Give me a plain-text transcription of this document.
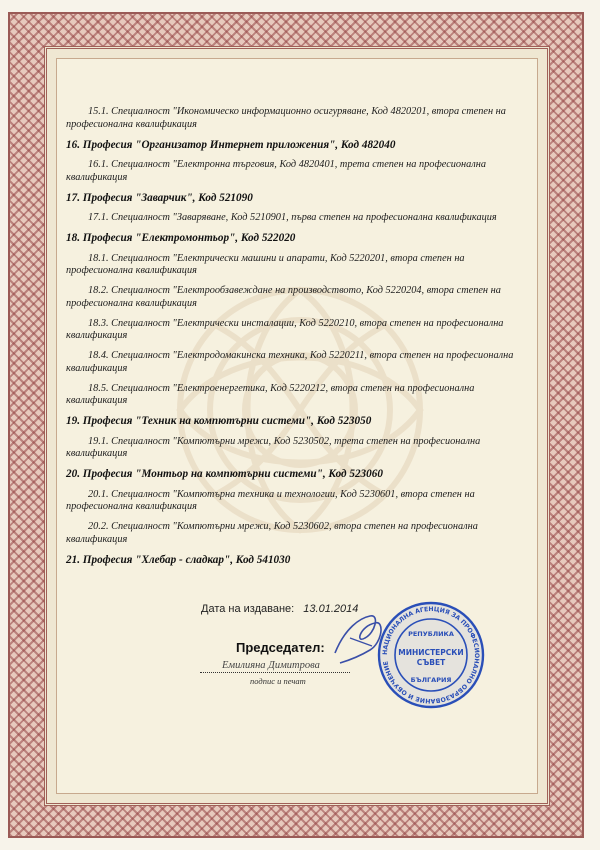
15.1. Специалност "Икономическо информационно осигуряване, Код 4820201, втора степен на професионална квалификация
16. Професия "Организатор Интернет приложения", Код 482040
16.1. Специалност "Електронна търговия, Код 4820401, трета степен на професионална квалификация
17. Професия "Заварчик", Код 521090
17.1. Специалност "Заваряване, Код 5210901, първа степен на професионална квалификация
18. Професия "Електромонтьор", Код 522020
18.1. Специалност "Електрически машини и апарати, Код 5220201, втора степен на професионална квалификация
18.2. Специалност "Електрообзавеждане на производството, Код 5220204, втора степен на професионална квалификация
18.3. Специалност "Електрически инсталации, Код 5220210, втора степен на професионална квалификация
18.4. Специалност "Електродомакинска техника, Код 5220211, втора степен на професионална квалификация
18.5. Специалност "Електроенергетика, Код 5220212, втора степен на професионална квалификация
19. Професия "Техник на компютърни системи", Код 523050
19.1. Специалност "Компютърни мрежи, Код 5230502, трета степен на професионална квалификация
20. Професия "Монтьор на компютърни системи", Код 523060
20.1. Специалност "Компютърна техника и технологии, Код 5230601, втора степен на професионална квалификация
20.2. Специалност "Компютърни мрежи, Код 5230602, втора степен на професионална квалификация
21. Професия "Хлебар - сладкар", Код 541030
Дата на издаване: 13.01.2014
Председател:
Емилияна Димитрова
подпис и печат
НАЦИОНАЛНА АГЕНЦИЯ ЗА ПРОФЕСИОНАЛНО ОБРАЗОВАНИЕ И ОБУЧЕНИЕ
РЕПУБЛИКА
МИНИСТЕРСКИ
СЪВЕТ
БЪЛГАРИЯ
